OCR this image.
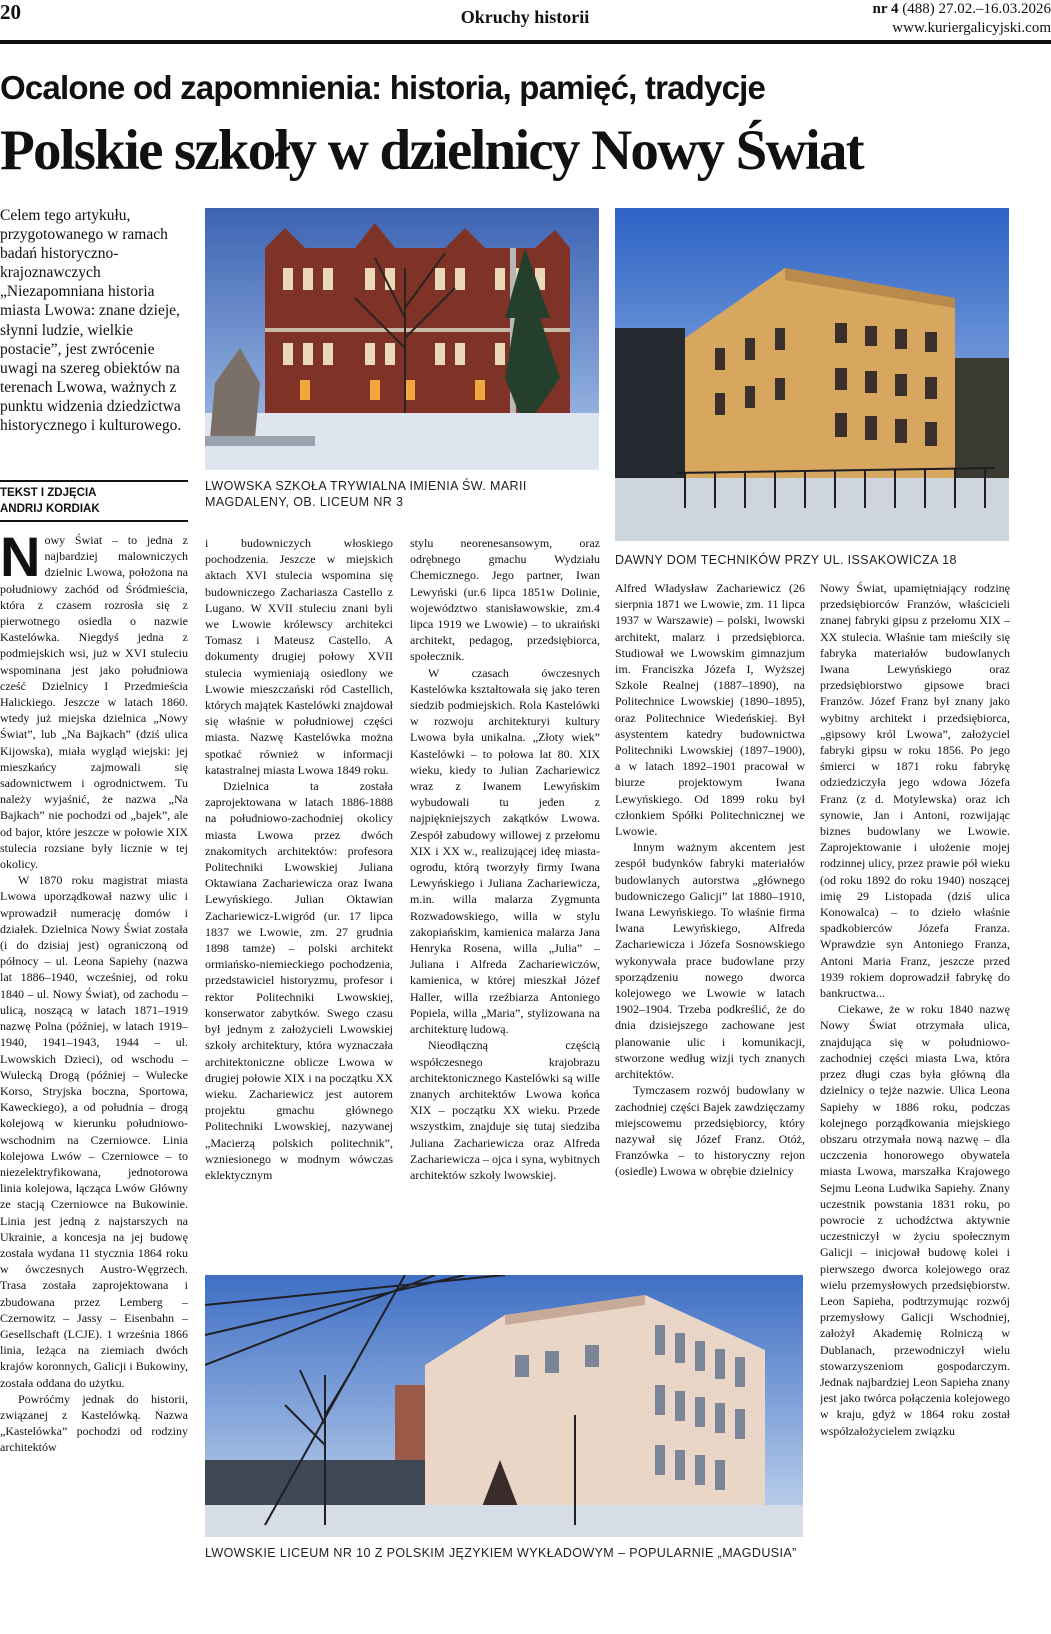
20	Okruchy historii	nr 4 (488) 27.02.–16.03.2026
www.kuriergalicyjski.com
Ocalone od zapomnienia: historia, pamięć, tradycje
Polskie szkoły w dzielnicy Nowy Świat
Celem tego artykułu, przygotowanego w ramach badań historyczno-krajoznawczych „Niezapomniana historia miasta Lwowa: znane dzieje, słynni ludzie, wielkie postacie”, jest zwrócenie uwagi na szereg obiektów na terenach Lwowa, ważnych z punktu widzenia dziedzictwa historycznego i kulturowego.
TEKST I ZDJĘCIA
ANDRIJ KORDIAK
LWOWSKA SZKOŁA TRYWIALNA IMIENIA ŚW. MARII MAGDALENY, OB. LICEUM NR 3
DAWNY DOM TECHNIKÓW PRZY UL. ISSAKOWICZA 18
LWOWSKIE LICEUM NR 10 Z POLSKIM JĘZYKIEM WYKŁADOWYM – POPULARNIE „MAGDUSIA”

Nowy Świat – to jedna z najbardziej malowniczych dzielnic Lwowa, położona na południowy zachód od Śródmieścia, która z czasem rozrosła się z pierwotnego osiedla o nazwie Kastelówka. Niegdyś jedna z podmiejskich wsi, już w XVI stuleciu wspominana jest jako południowa cześć Dzielnicy I Przedmieścia Halickiego. Jeszcze w latach 1860. wtedy już miejska dzielnica „Nowy Świat”, lub „Na Bajkach” (dziś ulica Kijowska), miała wygląd wiejski: jej mieszkańcy zajmowali się sadownictwem i ogrodnictwem. Tu należy wyjaśnić, że nazwa „Na Bajkach” nie pochodzi od „bajek”, ale od bajor, które jeszcze w połowie XIX stulecia rozsiane były licznie w tej okolicy.

W 1870 roku magistrat miasta Lwowa uporządkował nazwy ulic i wprowadził numerację domów i działek. Dzielnica Nowy Świat została (i do dzisiaj jest) ograniczoną od północy – ul. Leona Sapiehy (nazwa lat 1886–1940, wcześniej, od roku 1840 – ul. Nowy Świat), od zachodu –ulicą, noszącą w latach 1871–1919 nazwę Polna (później, w latach 1919–1940, 1941–1943, 1944 – ul. Lwowskich Dzieci), od wschodu – Wulecką Drogą (później – Wulecke Korso, Stryjska boczna, Sportowa, Kaweckiego), a od południa – drogą kolejową w kierunku południowo-wschodnim na Czerniowce. Linia kolejowa Lwów – Czerniowce – to niezelektryfikowana, jednotorowa linia kolejowa, łącząca Lwów Główny ze stacją Czerniowce na Bukowinie. Linia jest jedną z najstarszych na Ukrainie, a koncesja na jej budowę została wydana 11 stycznia 1864 roku w ówczesnych Austro-Węgrzech. Trasa została zaprojektowana i zbudowana przez Lemberg – Czernowitz – Jassy – Eisenbahn – Gesellschaft (LCJE). 1 września 1866 linia, leżąca na ziemiach dwóch krajów koronnych, Galicji i Bukowiny, została oddana do użytku.

Powróćmy jednak do historii, związanej z Kastelówką. Nazwa „Kastelówka” pochodzi od rodziny architektów

i budowniczych włoskiego pochodzenia. Jeszcze w miejskich aktach XVI stulecia wspomina się budowniczego Zachariasza Castello z Lugano. W XVII stuleciu znani byli we Lwowie królewscy architekci Tomasz i Mateusz Castello. A dokumenty drugiej połowy XVII stulecia wymieniają osiedlony we Lwowie mieszczański ród Castellich, których majątek Kastelówki znajdował się właśnie w południowej części miasta. Nazwę Kastelówka można spotkać również w informacji katastralnej miasta Lwowa 1849 roku.

Dzielnica ta została zaprojektowana w latach 1886-1888 na południowo-zachodniej okolicy miasta Lwowa przez dwóch znakomitych architektów: profesora Politechniki Lwowskiej Juliana Oktawiana Zachariewicza oraz Iwana Lewyńskiego. Julian Oktawian Zachariewicz-Lwigród (ur. 17 lipca 1837 we Lwowie, zm. 27 grudnia 1898 tamże) – polski architekt ormiańsko-niemieckiego pochodzenia, przedstawiciel historyzmu, profesor i rektor Politechniki Lwowskiej, konserwator zabytków. Swego czasu był jednym z założycieli Lwowskiej szkoły architektury, która wyznaczała architektoniczne oblicze Lwowa w drugiej połowie XIX i na początku XX wieku. Zachariewicz jest autorem projektu gmachu głównego Politechniki Lwowskiej, nazywanej „Macierzą polskich politechnik”, wzniesionego w modnym wówczas eklektycznym

stylu neorenesansowym, oraz odrębnego gmachu Wydziału Chemicznego. Jego partner, Iwan Lewyński (ur.6 lipca 1851w Dolinie, województwo stanisławowskie, zm.4 lipca 1919 we Lwowie) – to ukraiński architekt, pedagog, przedsiębiorca, społecznik.

W czasach ówczesnych Kastelówka kształtowała się jako teren siedzib podmiejskich. Rola Kastelówki w rozwoju architekturyi kultury Lwowa była unikalna. „Złoty wiek” Kastelówki – to połowa lat 80. XIX wieku, kiedy to Julian Zachariewicz wraz z Iwanem Lewyńskim wybudowali tu jeden z najpiękniejszych zakątków Lwowa. Zespół zabudowy willowej z przełomu XIX i XX w., realizującej ideę miasta-ogrodu, którą tworzyły firmy Iwana Lewyńskiego i Juliana Zachariewicza, m.in. willa malarza Zygmunta Rozwadowskiego, willa w stylu zakopiańskim, kamienica malarza Jana Henryka Rosena, willa „Julia” – Juliana i Alfreda Zachariewiczów, kamienica, w której mieszkał Józef Haller, willa rzeźbiarza Antoniego Popiela, willa „Maria”, stylizowana na architekturę ludową.

Nieodłączną częścią współczesnego krajobrazu architektonicznego Kastelówki są wille znanych architektów Lwowa końca XIX – początku XX wieku. Przede wszystkim, znajduje się tutaj siedziba Juliana Zachariewicza oraz Alfreda Zachariewicza – ojca i syna, wybitnych architektów szkoły lwowskiej.

Alfred Władysław Zachariewicz (26 sierpnia 1871 we Lwowie, zm. 11 lipca 1937 w Warszawie) – polski, lwowski architekt, malarz i przedsiębiorca. Studiował we Lwowskim gimnazjum im. Franciszka Józefa I, Wyższej Szkole Realnej (1887–1890), na Politechnice Lwowskiej (1890–1895), oraz Politechnice Wiedeńskiej. Był asystentem katedry budownictwa Politechniki Lwowskiej (1897–1900), a w latach 1892–1901 pracował w biurze projektowym Iwana Lewyńskiego. Od 1899 roku był członkiem Spółki Politechnicznej we Lwowie.

Innym ważnym akcentem jest zespół budynków fabryki materiałów budowlanych autorstwa „głównego budowniczego Galicji” lat 1880–1910, Iwana Lewyńskiego. To właśnie firma Iwana Lewyńskiego, Alfreda Zachariewicza i Józefa Sosnowskiego wykonywała prace budowlane przy sporządzeniu nowego dworca kolejowego we Lwowie w latach 1902–1904. Trzeba podkreślić, że do dnia dzisiejszego zachowane jest planowanie ulic i komunikacji, stworzone według wizji tych znanych architektów.

Tymczasem rozwój budowlany w zachodniej części Bajek zawdzięczamy miejscowemu przedsiębiorcy, który nazywał się Józef Franz. Otóż, Franzówka – to historyczny rejon (osiedle) Lwowa w obrębie dzielnicy

Nowy Świat, upamiętniający rodzinę przedsiębiorców Franzów, właścicieli znanej fabryki gipsu z przełomu XIX – XX stulecia. Właśnie tam mieściły się fabryka materiałów budowlanych Iwana Lewyńskiego oraz przedsiębiorstwo gipsowe braci Franzów. Józef Franz był znany jako wybitny architekt i przedsiębiorca, „gipsowy król Lwowa”, założyciel fabryki gipsu w roku 1856. Po jego śmierci w 1871 roku fabrykę odziedziczyła jego wdowa Józefa Franz (z d. Motylewska) oraz ich synowie, Jan i Antoni, rozwijając biznes budowlany we Lwowie. Zaprojektowanie i ułożenie mojej rodzinnej ulicy, przez prawie pół wieku (od roku 1892 do roku 1940) noszącej imię 29 Listopada (dziś ulica Konowalca) – to dzieło właśnie spadkobierców Józefa Franza. Wprawdzie syn Antoniego Franza, Antoni Maria Franz, jeszcze przed 1939 rokiem doprowadził fabrykę do bankructwa...

Ciekawe, że w roku 1840 nazwę Nowy Świat otrzymała ulica, znajdująca się w południowo-zachodniej części miasta Lwa, która przez długi czas była główną dla dzielnicy o tejże nazwie. Ulica Leona Sapiehy w 1886 roku, podczas kolejnego porządkowania miejskiego obszaru otrzymała nową nazwę – dla uczczenia honorowego obywatela miasta Lwowa, marszałka Krajowego Sejmu Leona Ludwika Sapiehy. Znany uczestnik powstania 1831 roku, po powrocie z uchodźctwa aktywnie uczestniczył w życiu społecznym Galicji – inicjował budowę kolei i pierwszego dworca kolejowego oraz wielu przemysłowych przedsiębiorstw. Leon Sapieha, podtrzymując rozwój przemysłowy Galicji Wschodniej, założył Akademię Rolniczą w Dublanach, przewodniczył wielu stowarzyszeniom gospodarczym. Jednak najbardziej Leon Sapieha znany jest jako twórca połączenia kolejowego w kraju, gdyż w 1864 roku został współzałożycielem związku
